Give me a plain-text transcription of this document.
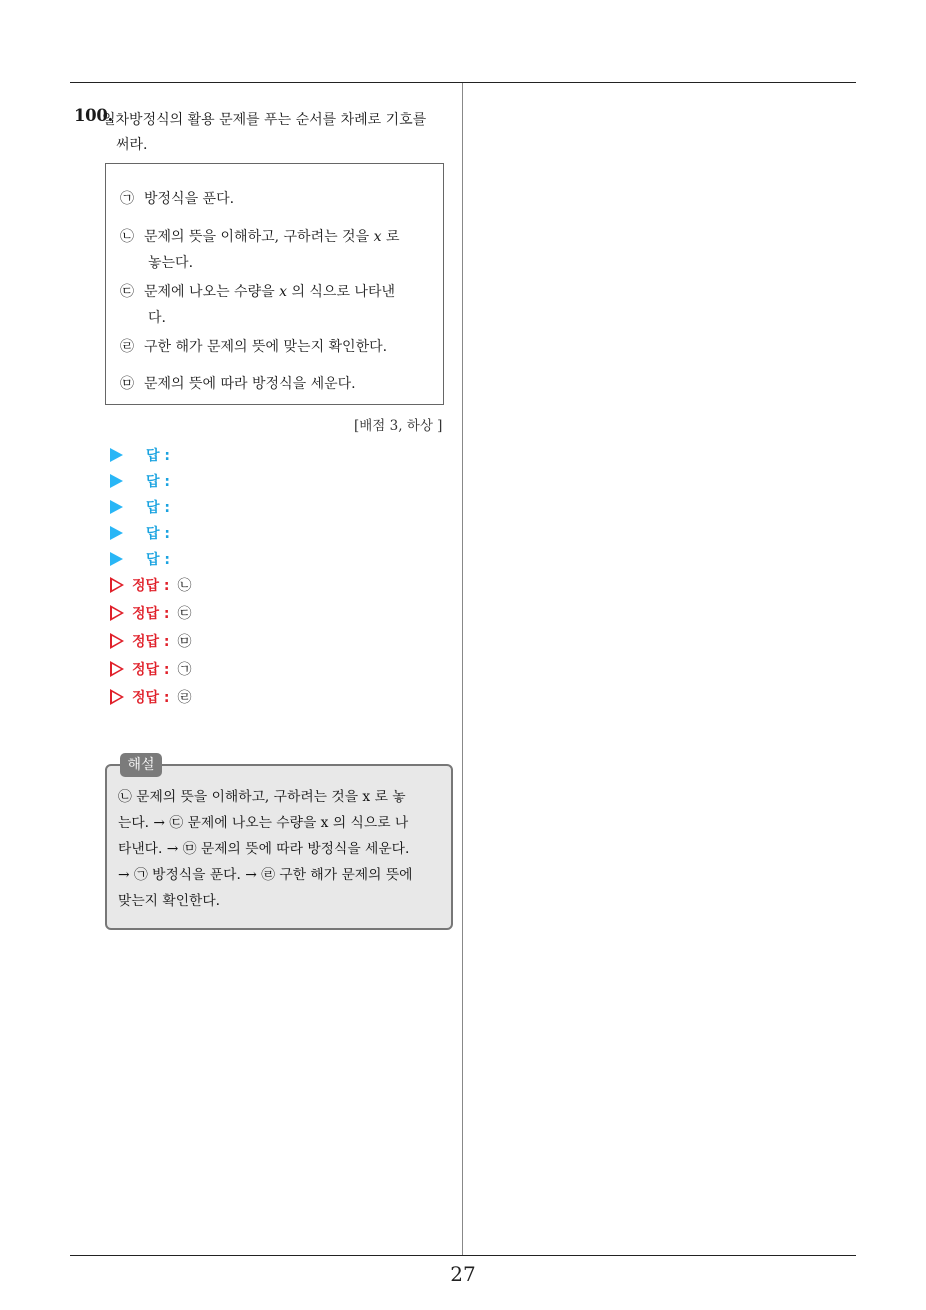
100.
일차방정식의 활용 문제를 푸는 순서를 차례로 기호를
써라.
㉠ 방정식을 푼다.
㉡ 문제의 뜻을 이해하고, 구하려는 것을 x 로
놓는다.
㉢ 문제에 나오는 수량을 x 의 식으로 나타낸
다.
㉣ 구한 해가 문제의 뜻에 맞는지 확인한다.
㉤ 문제의 뜻에 따라 방정식을 세운다.
[배점 3, 하상 ]
답 :
답 :
답 :
답 :
답 :
정답 : ㉡
정답 : ㉢
정답 : ㉤
정답 : ㉠
정답 : ㉣
해설
㉡ 문제의 뜻을 이해하고, 구하려는 것을 x 로 놓
는다. → ㉢ 문제에 나오는 수량을 x 의 식으로 나
타낸다. → ㉤ 문제의 뜻에 따라 방정식을 세운다.
→ ㉠ 방정식을 푼다. → ㉣ 구한 해가 문제의 뜻에
맞는지 확인한다.
27
